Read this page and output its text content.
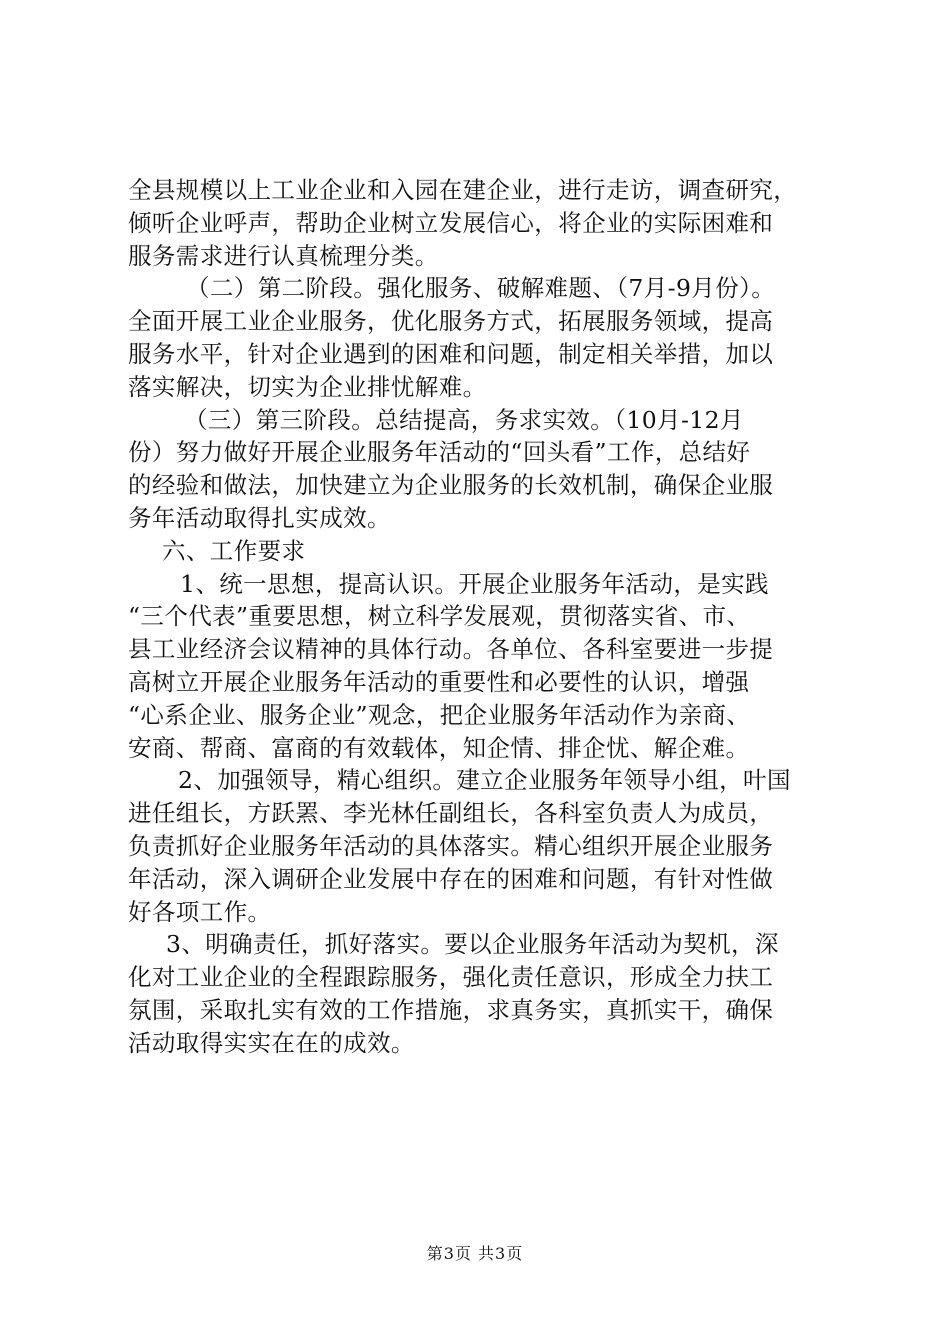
全县规模以上工业企业和入园在建企业，进行走访，调查研究，
倾听企业呼声，帮助企业树立发展信心，将企业的实际困难和
服务需求进行认真梳理分类。
（二）第二阶段。强化服务、破解难题、（7月-9月份）。
全面开展工业企业服务，优化服务方式，拓展服务领域，提高
服务水平，针对企业遇到的困难和问题，制定相关举措，加以
落实解决，切实为企业排忧解难。
（三）第三阶段。总结提高，务求实效。（10月-12月
份）努力做好开展企业服务年活动的“回头看”工作，总结好
的经验和做法，加快建立为企业服务的长效机制，确保企业服
务年活动取得扎实成效。
六、工作要求
1、统一思想，提高认识。开展企业服务年活动，是实践
“三个代表”重要思想，树立科学发展观，贯彻落实省、市、
县工业经济会议精神的具体行动。各单位、各科室要进一步提
高树立开展企业服务年活动的重要性和必要性的认识，增强
“心系企业、服务企业”观念，把企业服务年活动作为亲商、
安商、帮商、富商的有效载体，知企情、排企忧、解企难。
2、加强领导，精心组织。建立企业服务年领导小组，叶国
进任组长，方跃罴、李光林任副组长，各科室负责人为成员，
负责抓好企业服务年活动的具体落实。精心组织开展企业服务
年活动，深入调研企业发展中存在的困难和问题，有针对性做
好各项工作。
3、明确责任，抓好落实。要以企业服务年活动为契机，深
化对工业企业的全程跟踪服务，强化责任意识，形成全力扶工
氛围，采取扎实有效的工作措施，求真务实，真抓实干，确保
活动取得实实在在的成效。
第3页 共3页
